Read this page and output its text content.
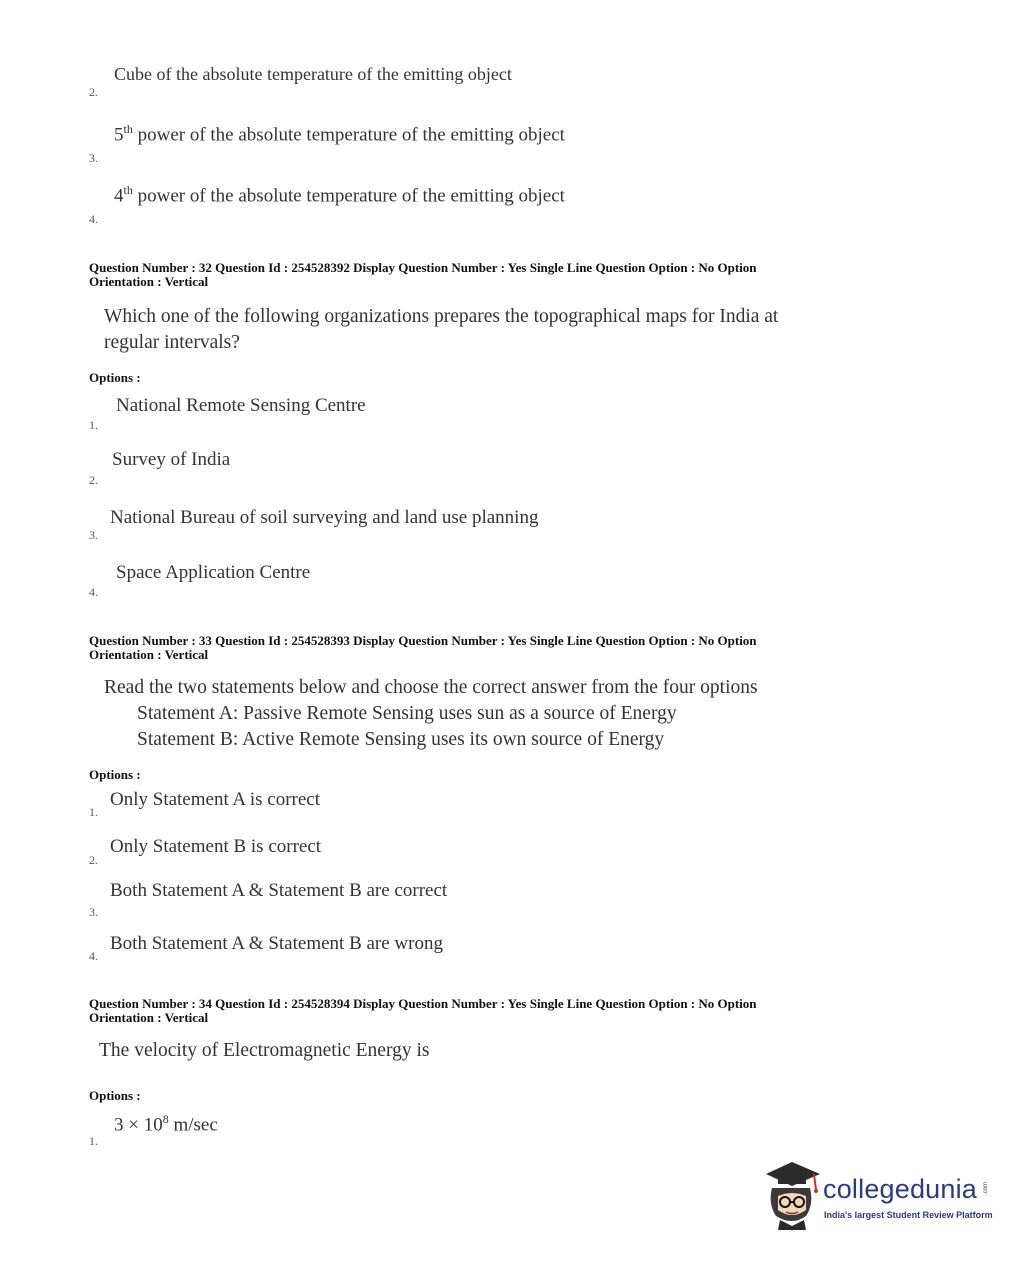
Cube of the absolute temperature of the emitting object
2.
5th power of the absolute temperature of the emitting object
3.
4th power of the absolute temperature of the emitting object
4.
Question Number : 32 Question Id : 254528392 Display Question Number : Yes Single Line Question Option : No Option
Orientation : Vertical
Which one of the following organizations prepares the topographical maps for India at
regular intervals?
Options :
National Remote Sensing Centre
1.
Survey of India
2.
National Bureau of soil surveying and land use planning
3.
Space Application Centre
4.
Question Number : 33 Question Id : 254528393 Display Question Number : Yes Single Line Question Option : No Option
Orientation : Vertical
Read the two statements below and choose the correct answer from the four options
Statement A: Passive Remote Sensing uses sun as a source of Energy
Statement B: Active Remote Sensing uses its own source of Energy
Options :
Only Statement A is correct
1.
Only Statement B is correct
2.
Both Statement A & Statement B are correct
3.
Both Statement A & Statement B are wrong
4.
Question Number : 34 Question Id : 254528394 Display Question Number : Yes Single Line Question Option : No Option
Orientation : Vertical
The velocity of Electromagnetic Energy is
Options :
$3 \times 10^8$ m/sec
1.
collegedunia .com
India's largest Student Review Platform
